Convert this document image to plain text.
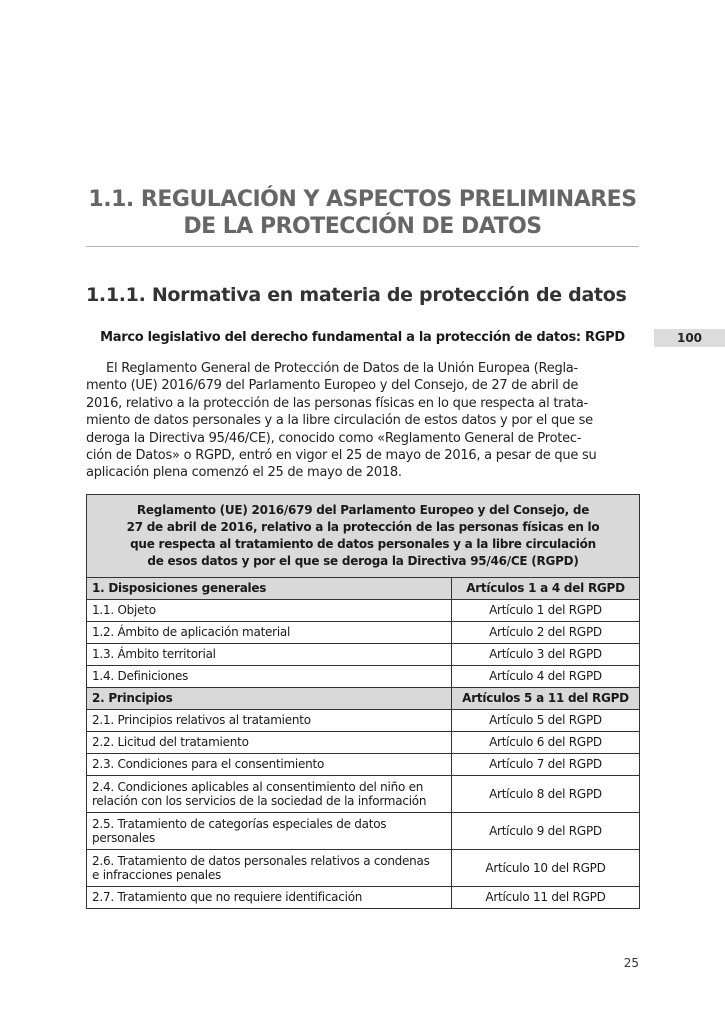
1.1. REGULACIÓN Y ASPECTOS PRELIMINARES
DE LA PROTECCIÓN DE DATOS
1.1.1. Normativa en materia de protección de datos
Marco legislativo del derecho fundamental a la protección de datos: RGPD	100
El Reglamento General de Protección de Datos de la Unión Europea (Regla-
mento (UE) 2016/679 del Parlamento Europeo y del Consejo, de 27 de abril de
2016, relativo a la protección de las personas físicas en lo que respecta al trata-
miento de datos personales y a la libre circulación de estos datos y por el que se
deroga la Directiva 95/46/CE), conocido como «Reglamento General de Protec-
ción de Datos» o RGPD, entró en vigor el 25 de mayo de 2016, a pesar de que su
aplicación plena comenzó el 25 de mayo de 2018.
Reglamento (UE) 2016/679 del Parlamento Europeo y del Consejo, de
27 de abril de 2016, relativo a la protección de las personas físicas en lo
que respecta al tratamiento de datos personales y a la libre circulación
de esos datos y por el que se deroga la Directiva 95/46/CE (RGPD)	

1. Disposiciones generales	Artículos 1 a 4 del RGPD
1.1. Objeto	Artículo 1 del RGPD
1.2. Ámbito de aplicación material	Artículo 2 del RGPD
1.3. Ámbito territorial	Artículo 3 del RGPD
1.4. Definiciones	Artículo 4 del RGPD
2. Principios	Artículos 5 a 11 del RGPD
2.1. Principios relativos al tratamiento	Artículo 5 del RGPD
2.2. Licitud del tratamiento	Artículo 6 del RGPD
2.3. Condiciones para el consentimiento	Artículo 7 del RGPD

2.4. Condiciones aplicables al consentimiento del niño en
relación con los servicios de la sociedad de la información	Artículo 8 del RGPD

2.5. Tratamiento de categorías especiales de datos
personales	Artículo 9 del RGPD

2.6. Tratamiento de datos personales relativos a condenas
e infracciones penales	Artículo 10 del RGPD
2.7. Tratamiento que no requiere identificación	Artículo 11 del RGPD
25
